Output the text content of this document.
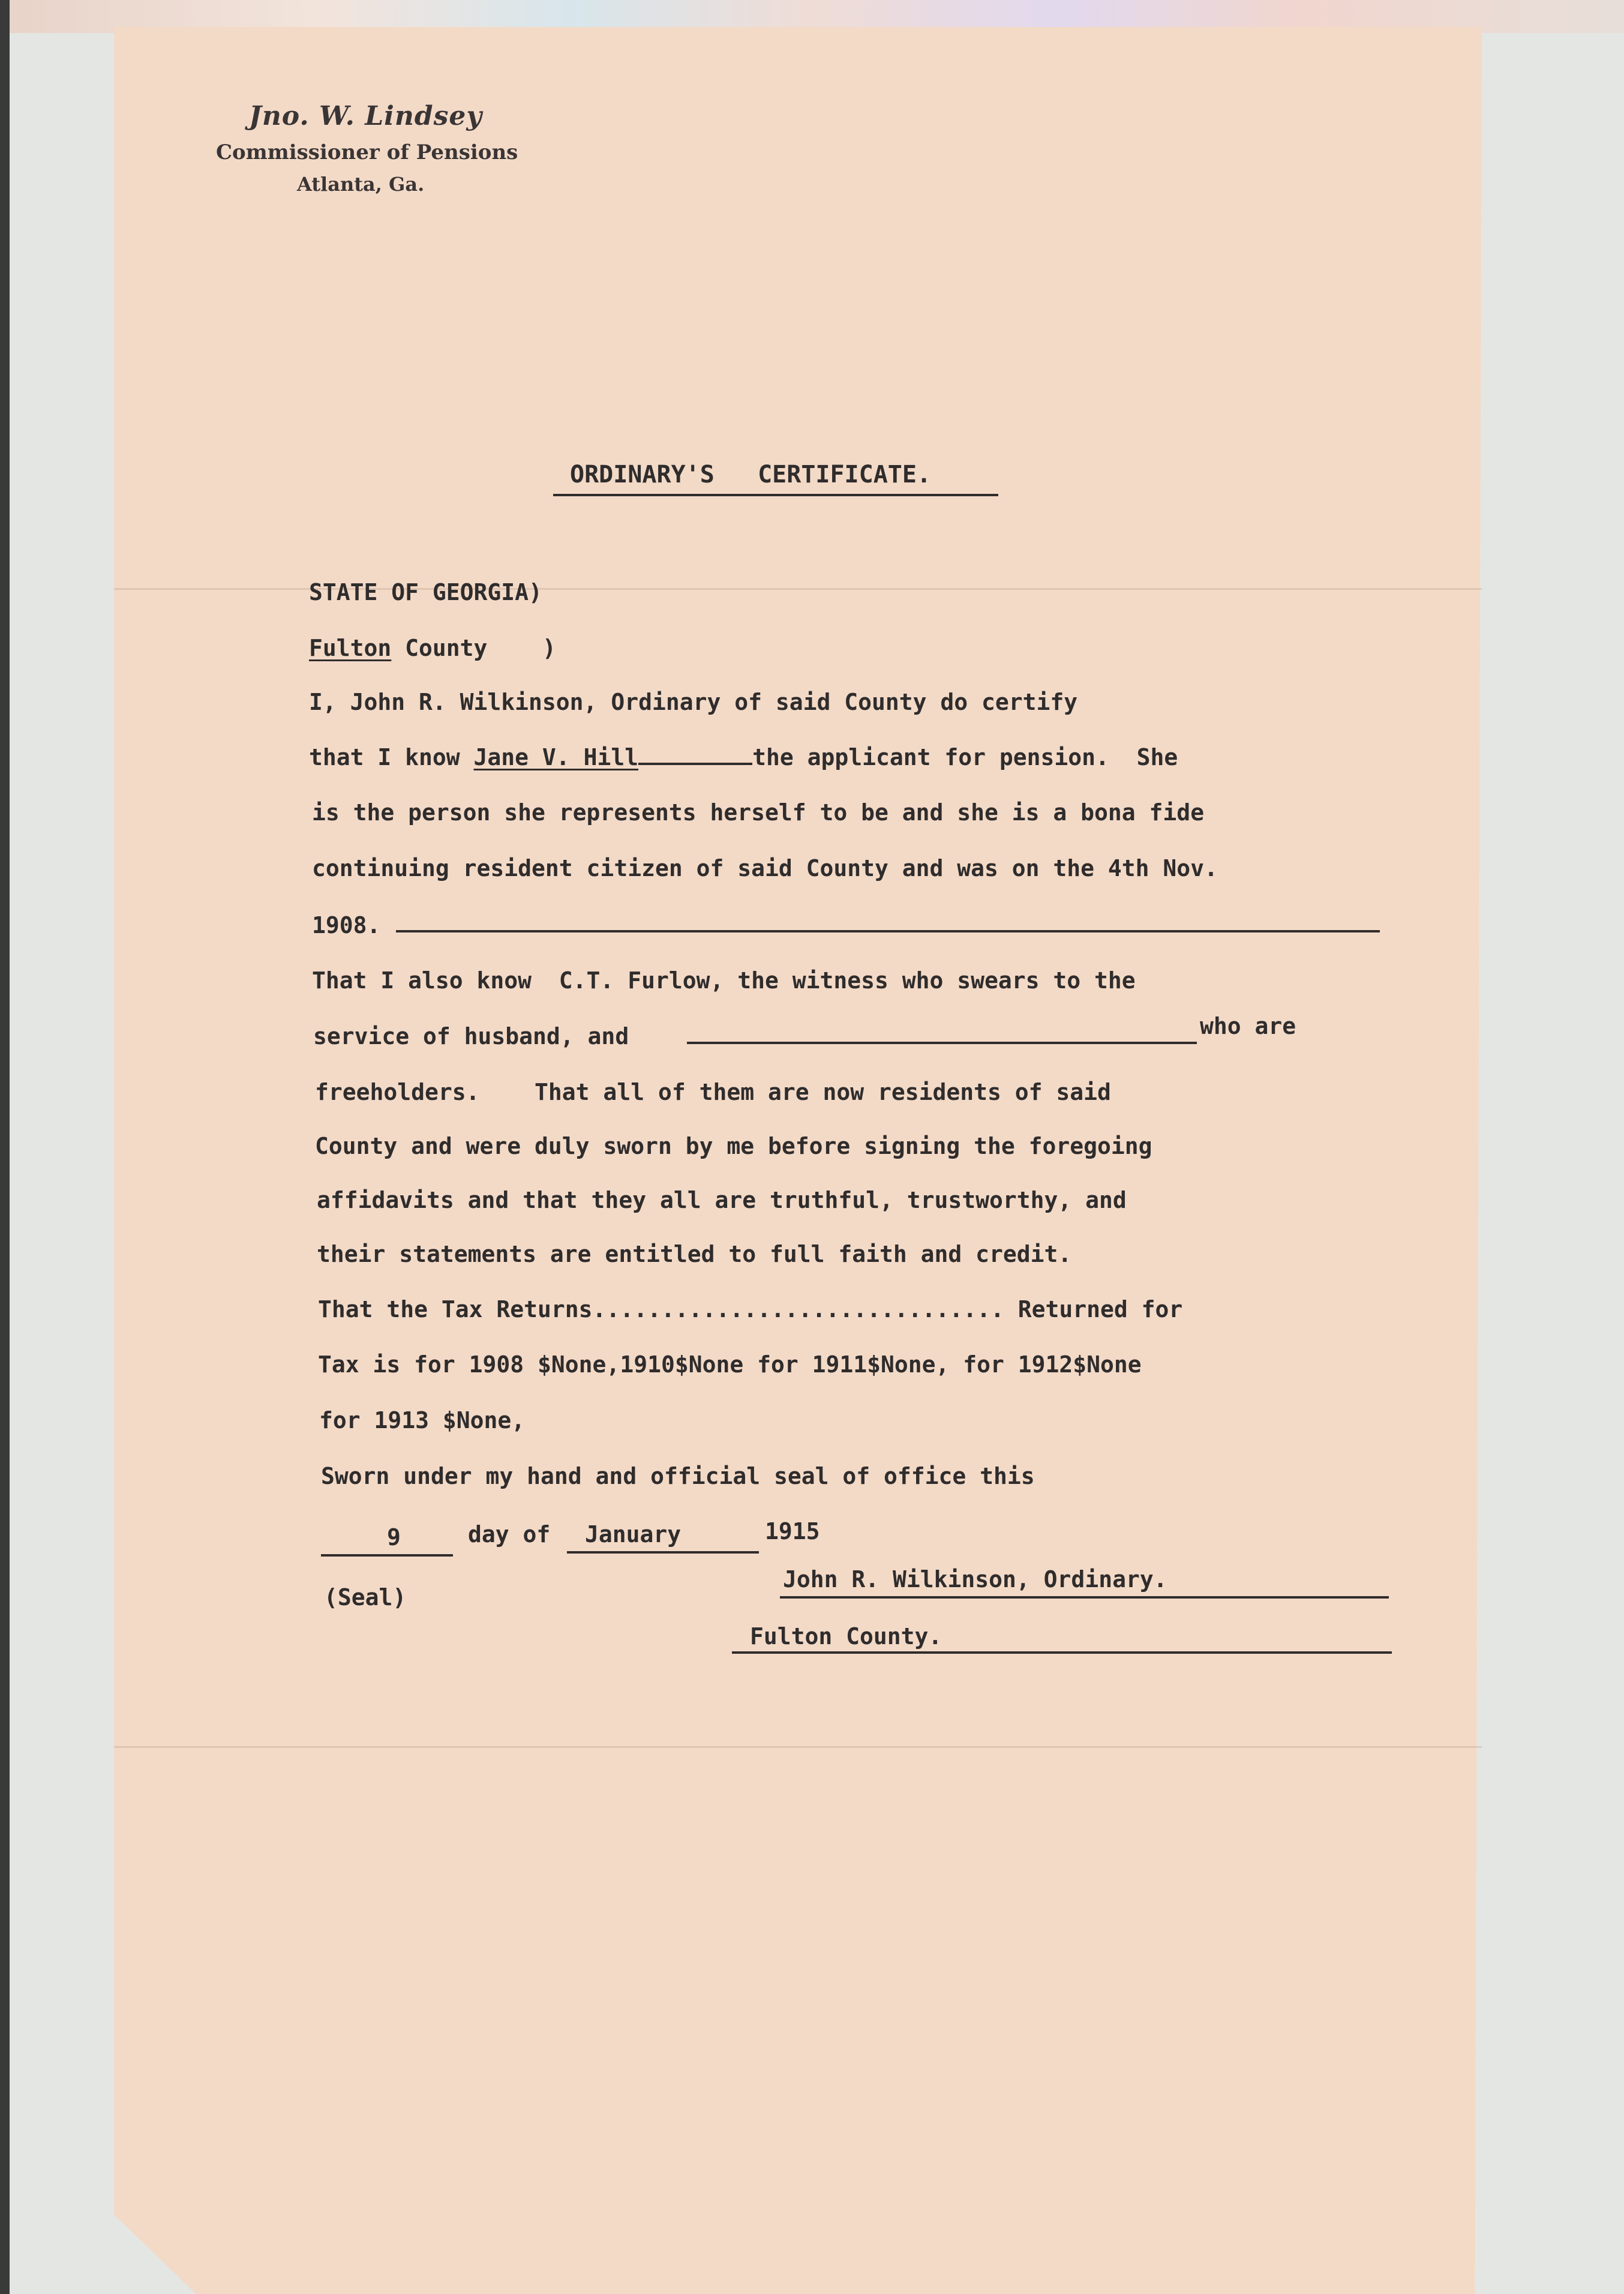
Jno. W. Lindsey
Commissioner of Pensions
Atlanta, Ga.
ORDINARY'S   CERTIFICATE.
STATE OF GEORGIA)
Fulton County    )
I, John R. Wilkinson, Ordinary of said County do certify
that I know Jane V. Hill	the applicant for pension.  She
is the person she represents herself to be and she is a bona fide
continuing resident citizen of said County and was on the 4th Nov.
1908.
That I also know  C.T. Furlow, the witness who swears to the
service of husband, and	who are
freeholders.    That all of them are now residents of said
County and were duly sworn by me before signing the foregoing
affidavits and that they all are truthful, trustworthy, and
their statements are entitled to full faith and credit.
That the Tax Returns.............................. Returned for
Tax is for 1908 $None,1910$None for 1911$None, for 1912$None
for 1913 $None,
Sworn under my hand and official seal of office this
9	day of January	1915
(Seal)
John R. Wilkinson, Ordinary.
Fulton County.
